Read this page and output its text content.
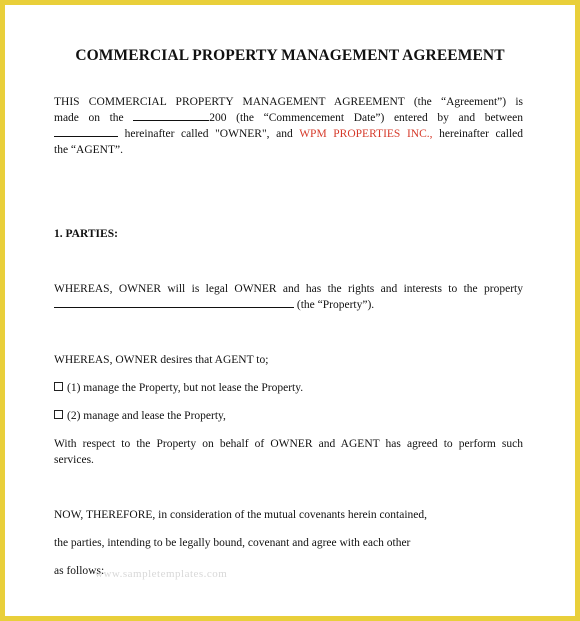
COMMERCIAL PROPERTY MANAGEMENT AGREEMENT
THIS COMMERCIAL PROPERTY MANAGEMENT AGREEMENT (the “Agreement”) is
made on the	200 (the “Commencement Date”) entered by and between
hereinafter called "OWNER", and WPM PROPERTIES INC., hereinafter called
the “AGENT”.
1. PARTIES:
WHEREAS, OWNER will is legal OWNER and has the rights and interests to the property
(the “Property”).
WHEREAS, OWNER desires that AGENT to;
(1) manage the Property, but not lease the Property.
(2) manage and lease the Property,
With respect to the Property on behalf of OWNER and AGENT has agreed to perform such
services.
NOW, THEREFORE, in consideration of the mutual covenants herein contained,
the parties, intending to be legally bound, covenant and agree with each other
as follows:
www.sampletemplates.com
